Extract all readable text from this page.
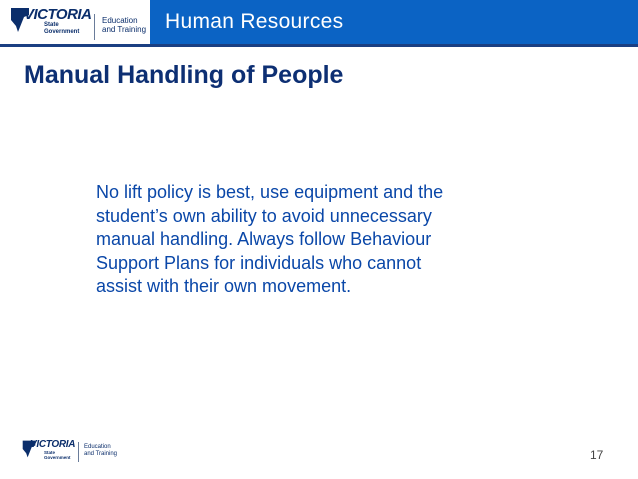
VICTORIA
State
Government
Education
and Training Human Resources
Manual Handling of People

No lift policy is best, use equipment and the
student’s own ability to avoid unnecessary
manual handling. Always follow Behaviour
Support Plans for individuals who cannot
assist with their own movement.

VICTORIA
State
Government
Education
and Training	17
